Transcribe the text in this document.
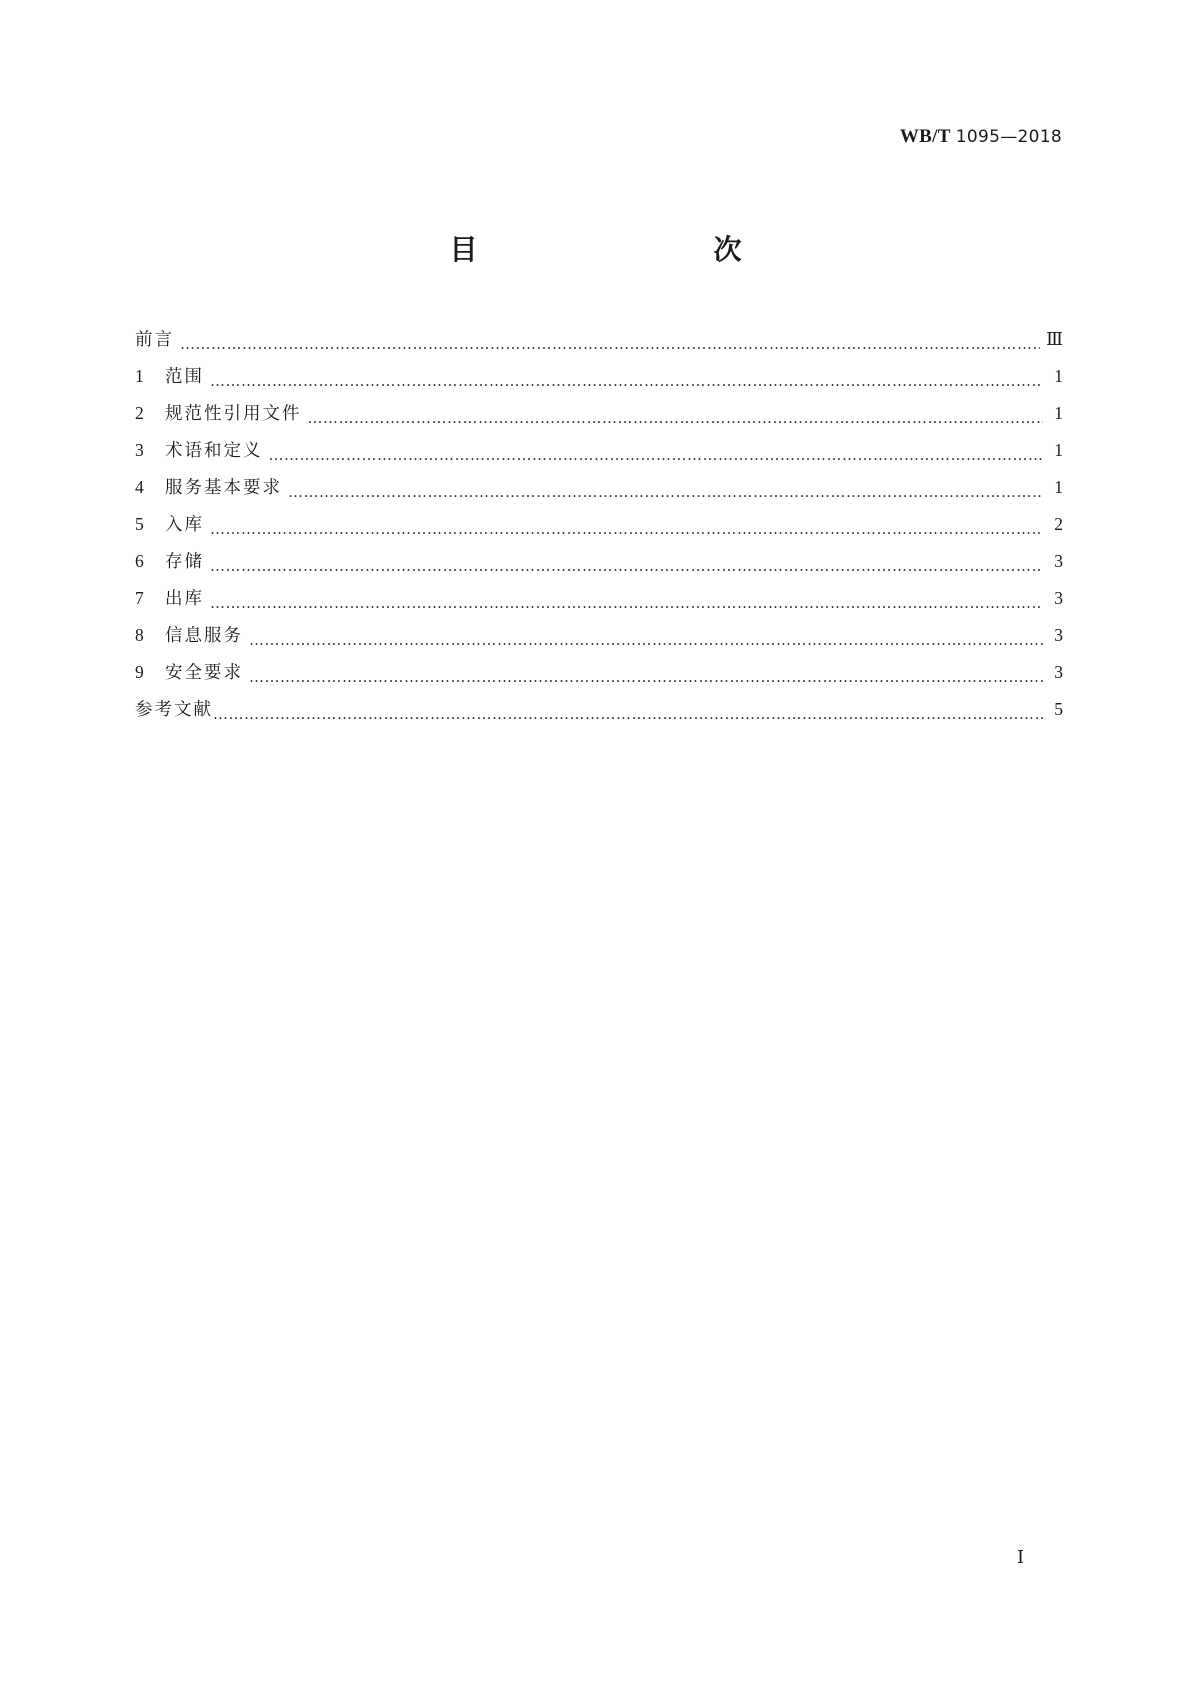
WB/T 1095—2018
目　　次
前言 …………………………………………………………………………………………………………………………………………………………………………………………………………………………	Ⅲ
1	范围 …………………………………………………………………………………………………………………………………………………………………………………………………………………………	1
2	规范性引用文件 …………………………………………………………………………………………………………………………………………………………………………………………………………………………	1
3	术语和定义 …………………………………………………………………………………………………………………………………………………………………………………………………………………………	1
4	服务基本要求 …………………………………………………………………………………………………………………………………………………………………………………………………………………………	1
5	入库 …………………………………………………………………………………………………………………………………………………………………………………………………………………………	2
6	存储 …………………………………………………………………………………………………………………………………………………………………………………………………………………………	3
7	出库 …………………………………………………………………………………………………………………………………………………………………………………………………………………………	3
8	信息服务 …………………………………………………………………………………………………………………………………………………………………………………………………………………………	3
9	安全要求 …………………………………………………………………………………………………………………………………………………………………………………………………………………………	3
参考文献 …………………………………………………………………………………………………………………………………………………………………………………………………………………………	5
Ⅰ
